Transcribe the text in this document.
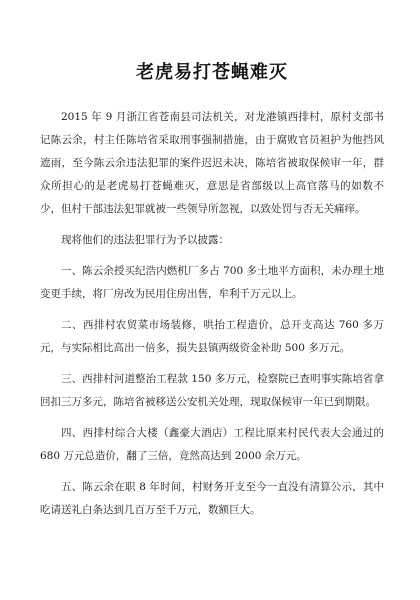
老虎易打苍蝇难灭

2015 年 9 月浙江省苍南县司法机关，对龙港镇西排村，原村支部书记陈云余，村主任陈培省采取刑事强制措施，由于腐败官员袒护为他挡风遮雨，至今陈云余违法犯罪的案件迟迟未决，陈培省被取保候审一年，群众所担心的是老虎易打苍蝇难灭，意思是省部级以上高官落马的如数不少，但村干部违法犯罪就被一些领导所忽视，以致处罚与否无关痛痒。

现将他们的违法犯罪行为予以披露：

一、陈云余授买纪浩内燃机厂多占 700 多土地平方面积，未办理土地变更手续，将厂房改为民用住房出售，牟利千万元以上。

二、西排村农贸菜市场装修，哄抬工程造价，总开支高达 760 多万元，与实际相比高出一倍多，损失县镇两级资金补助 500 多万元。

三、西排村河道整治工程款 150 多万元，检察院已查明事实陈培省拿回扣三万多元，陈培省被移送公安机关处理，现取保候审一年已到期限。

四、西排村综合大楼（鑫豪大酒店）工程比原来村民代表大会通过的 680 万元总造价，翻了三倍，竟然高达到 2000 余万元。

五、陈云余在职 8 年时间，村财务开支至今一直没有清算公示，其中吃请送礼白条达到几百万至千万元，数额巨大。
